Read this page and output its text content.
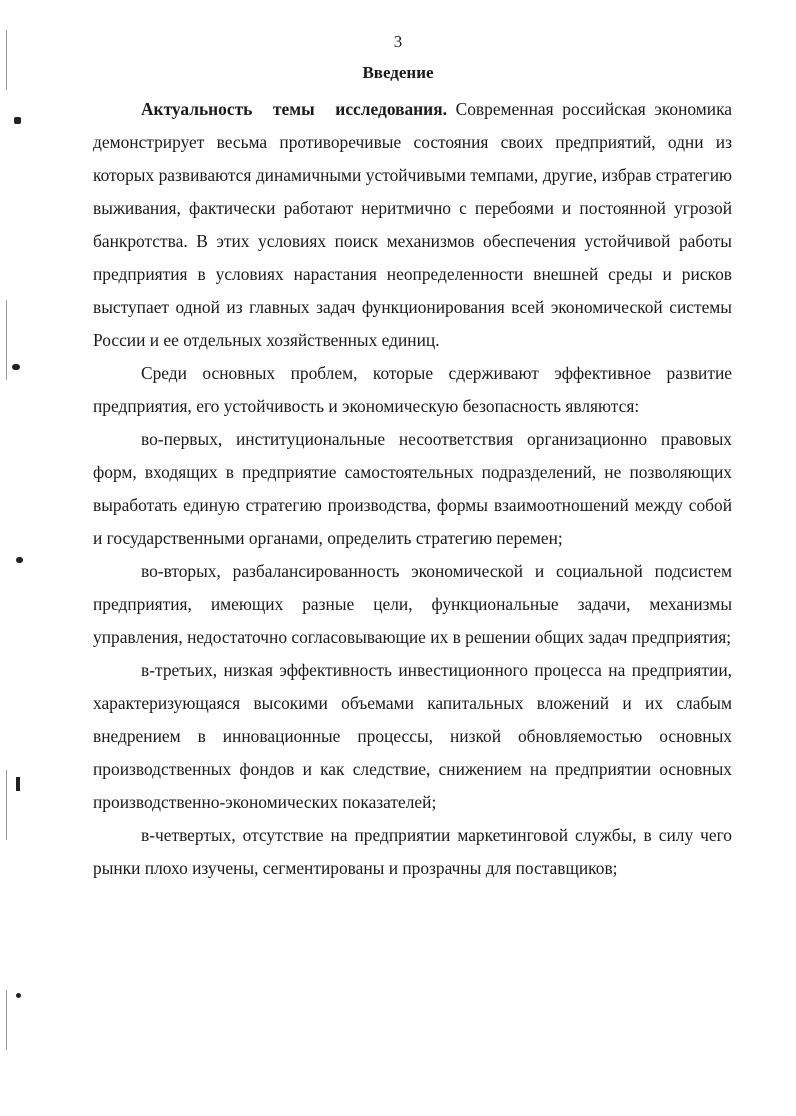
3
Введение

Актуальность темы исследования. Современная российская экономика демонстрирует весьма противоречивые состояния своих предприятий, одни из которых развиваются динамичными устойчивыми темпами, другие, избрав стратегию выживания, фактически работают неритмично с перебоями и постоянной угрозой банкротства. В этих условиях поиск механизмов обеспечения устойчивой работы предприятия в условиях нарастания неопределенности внешней среды и рисков выступает одной из главных задач функционирования всей экономической системы России и ее отдельных хозяйственных единиц.

Среди основных проблем, которые сдерживают эффективное развитие предприятия, его устойчивость и экономическую безопасность являются:

во-первых, институциональные несоответствия организационно правовых форм, входящих в предприятие самостоятельных подразделений, не позволяющих выработать единую стратегию производства, формы взаимоотношений между собой и государственными органами, определить стратегию перемен;

во-вторых, разбалансированность экономической и социальной подсистем предприятия, имеющих разные цели, функциональные задачи, механизмы управления, недостаточно согласовывающие их в решении общих задач предприятия;

в-третьих, низкая эффективность инвестиционного процесса на предприятии, характеризующаяся высокими объемами капитальных вложений и их слабым внедрением в инновационные процессы, низкой обновляемостью основных производственных фондов и как следствие, снижением на предприятии основных производственно-экономических показателей;

в-четвертых, отсутствие на предприятии маркетинговой службы, в силу чего рынки плохо изучены, сегментированы и прозрачны для поставщиков;
